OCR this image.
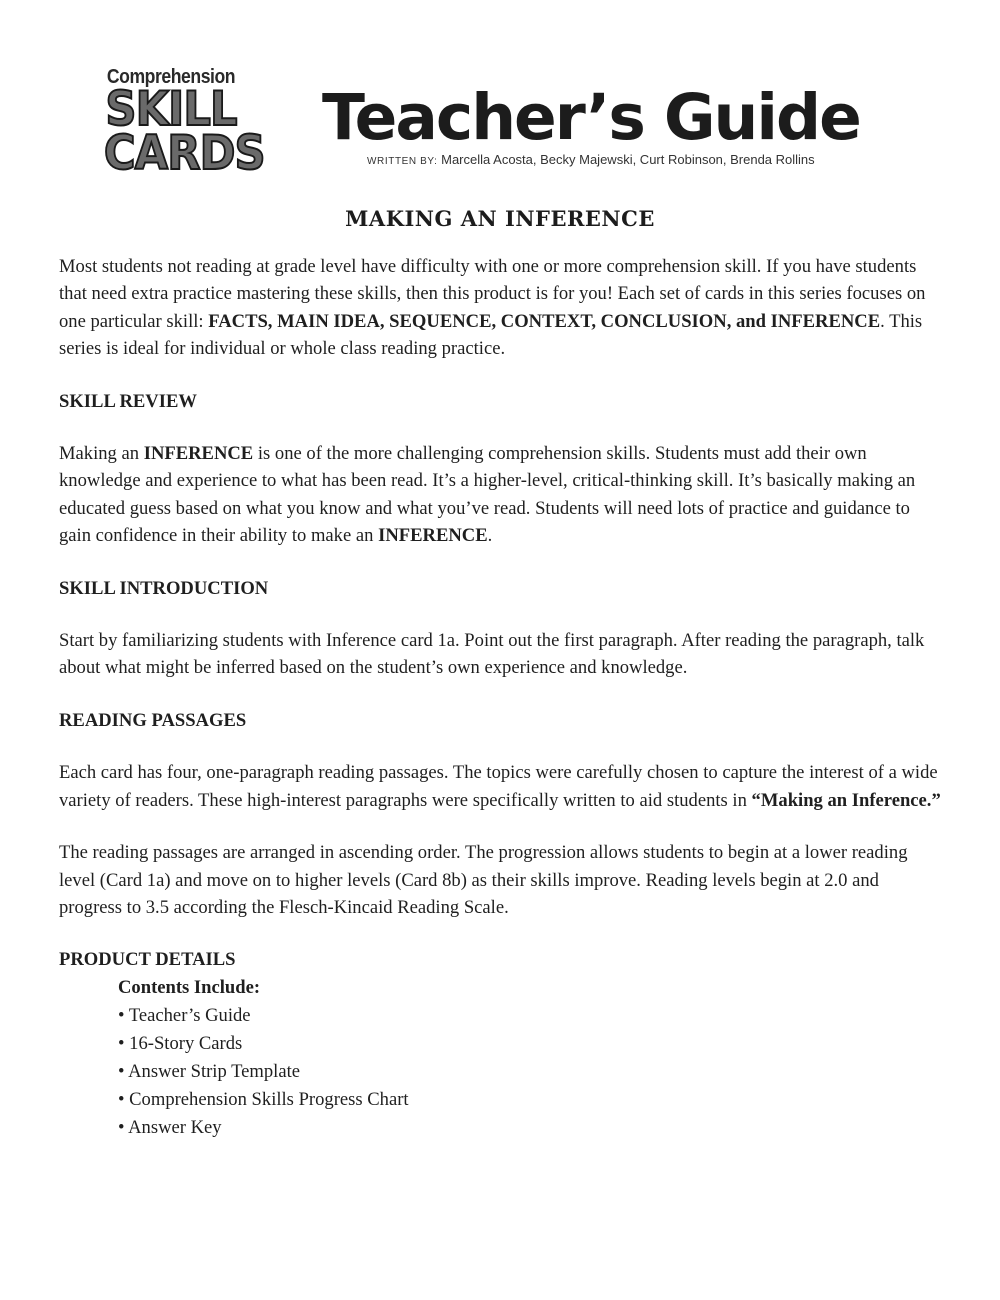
Comprehension
SKILL
CARDS Teacher’s Guide
WRITTEN BY: Marcella Acosta, Becky Majewski, Curt Robinson, Brenda Rollins
MAKING AN INFERENCE

Most students not reading at grade level have difficulty with one or more comprehension skill. If you have students that need extra practice mastering these skills, then this product is for you! Each set of cards in this series focuses on one particular skill: FACTS, MAIN IDEA, SEQUENCE, CONTEXT, CONCLUSION, and INFERENCE. This series is ideal for individual or whole class reading practice.

SKILL REVIEW

Making an INFERENCE is one of the more challenging comprehension skills. Students must add their own knowledge and experience to what has been read. It’s a higher-level, critical-thinking skill. It’s basically making an educated guess based on what you know and what you’ve read. Students will need lots of practice and guidance to gain confidence in their ability to make an INFERENCE.

SKILL INTRODUCTION

Start by familiarizing students with Inference card 1a. Point out the first paragraph. After reading the paragraph, talk about what might be inferred based on the student’s own experience and knowledge.

READING PASSAGES

Each card has four, one-paragraph reading passages. The topics were carefully chosen to capture the interest of a wide variety of readers. These high-interest paragraphs were specifically written to aid students in “Making an Inference.”

The reading passages are arranged in ascending order. The progression allows students to begin at a lower reading level (Card 1a) and move on to higher levels (Card 8b) as their skills improve. Reading levels begin at 2.0 and progress to 3.5 according the Flesch-Kincaid Reading Scale.

PRODUCT DETAILS

Contents Include:
• Teacher’s Guide
• 16-Story Cards
• Answer Strip Template
• Comprehension Skills Progress Chart
• Answer Key
